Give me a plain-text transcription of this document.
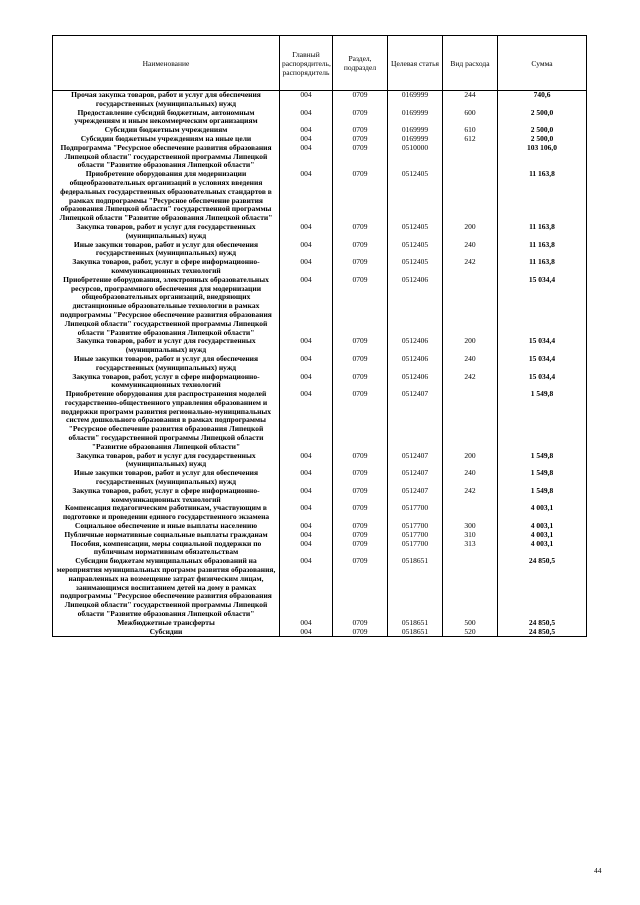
Наименование	Главный распорядитель, распорядитель	Раздел, подраздел	Целевая статья	Вид расхода	Сумма
Прочая закупка товаров, работ и услуг для обеспечения государственных (муниципальных) нужд	004	0709	0169999	244	740,6
Предоставление субсидий бюджетным, автономным учреждениям и иным некоммерческим организациям	004	0709	0169999	600	2 500,0
Субсидии бюджетным учреждениям	004	0709	0169999	610	2 500,0
Субсидии бюджетным учреждениям на иные цели	004	0709	0169999	612	2 500,0
Подпрограмма "Ресурсное обеспечение развития образования Липецкой области" государственной программы Липецкой области "Развитие образования Липецкой области"	004	0709	0510000		103 106,0
Приобретение оборудования для модернизации общеобразовательных организаций в условиях введения федеральных государственных образовательных стандартов в рамках подпрограммы "Ресурсное обеспечение развития образования Липецкой области" государственной программы Липецкой области "Развитие образования Липецкой области"	004	0709	0512405		11 163,8
Закупка товаров, работ и услуг для государственных (муниципальных) нужд	004	0709	0512405	200	11 163,8
Иные закупки товаров, работ и услуг для обеспечения государственных (муниципальных) нужд	004	0709	0512405	240	11 163,8
Закупка товаров, работ, услуг в сфере информационно-коммуникационных технологий	004	0709	0512405	242	11 163,8
Приобретение оборудования, электронных образовательных ресурсов, программного обеспечения для модернизации общеобразовательных организаций, внедряющих дистанционные образовательные технологии в рамках подпрограммы "Ресурсное обеспечение развития образования Липецкой области" государственной программы Липецкой области "Развитие образования Липецкой области"	004	0709	0512406		15 034,4
Закупка товаров, работ и услуг для государственных (муниципальных) нужд	004	0709	0512406	200	15 034,4
Иные закупки товаров, работ и услуг для обеспечения государственных (муниципальных) нужд	004	0709	0512406	240	15 034,4
Закупка товаров, работ, услуг в сфере информационно-коммуникационных технологий	004	0709	0512406	242	15 034,4
Приобретение оборудования для распространения моделей государственно-общественного управления образованием и поддержки программ развития регионально-муниципальных систем дошкольного образования в рамках подпрограммы "Ресурсное обеспечение развития образования Липецкой области" государственной программы Липецкой области "Развитие образования Липецкой области"	004	0709	0512407		1 549,8
Закупка товаров, работ и услуг для государственных (муниципальных) нужд	004	0709	0512407	200	1 549,8
Иные закупки товаров, работ и услуг для обеспечения государственных (муниципальных) нужд	004	0709	0512407	240	1 549,8
Закупка товаров, работ, услуг в сфере информационно-коммуникационных технологий	004	0709	0512407	242	1 549,8
Компенсация педагогическим работникам, участвующим в подготовке и проведении единого государственного экзамена	004	0709	0517700		4 003,1
Социальное обеспечение и иные выплаты населению	004	0709	0517700	300	4 003,1
Публичные нормативные социальные выплаты гражданам	004	0709	0517700	310	4 003,1
Пособия, компенсации, меры социальной поддержки по публичным нормативным обязательствам	004	0709	0517700	313	4 003,1
Субсидии бюджетам муниципальных образований на мероприятия муниципальных программ развития образования, направленных на возмещение затрат физическим лицам, занимающимся воспитанием детей на дому в рамках подпрограммы "Ресурсное обеспечение развития образования Липецкой области" государственной программы Липецкой области "Развитие образования Липецкой области"	004	0709	0518651		24 850,5
Межбюджетные трансферты	004	0709	0518651	500	24 850,5
Субсидии	004	0709	0518651	520	24 850,5
44
